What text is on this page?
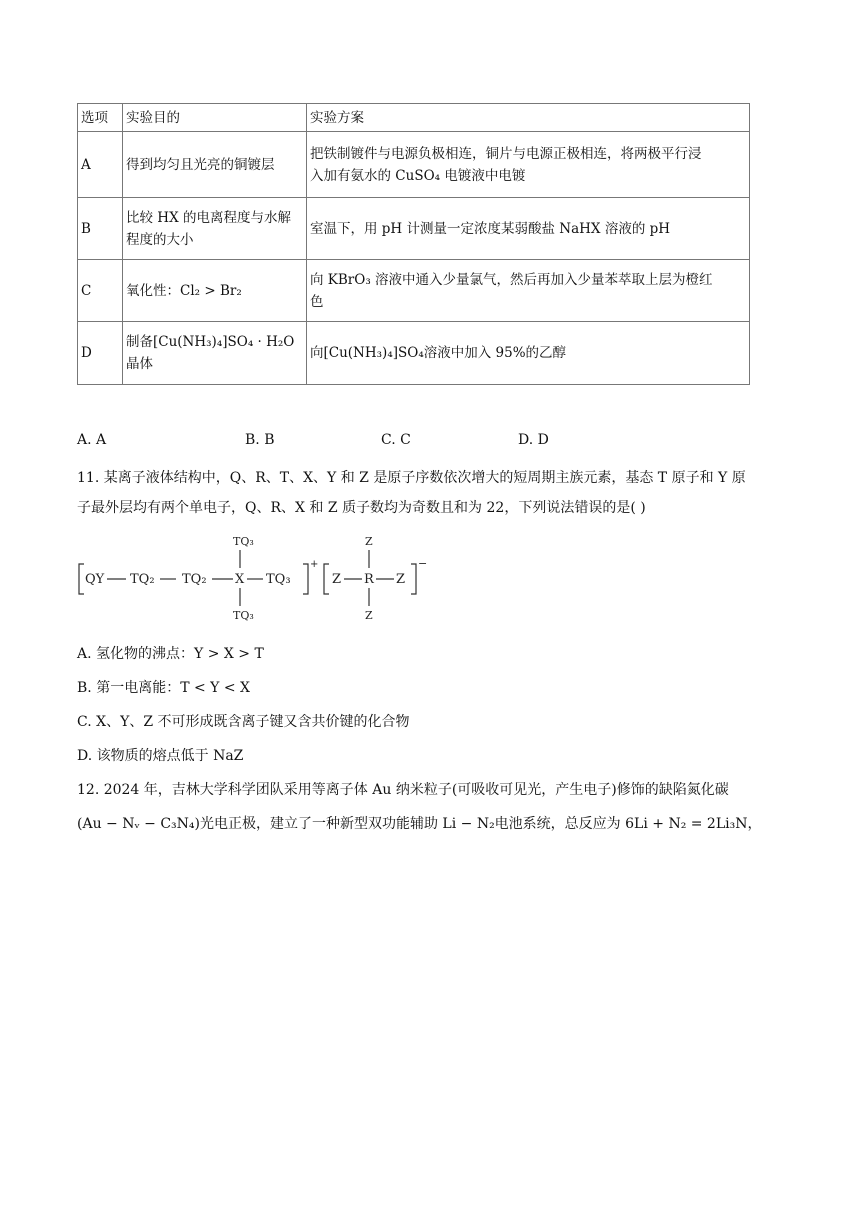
选项	实验目的	实验方案
A	得到均匀且光亮的铜镀层	把铁制镀件与电源负极相连，铜片与电源正极相连，将两极平行浸
入加有氨水的 CuSO₄ 电镀液中电镀

B	比较 HX 的电离程度与水解
程度的大小	室温下，用 pH 计测量一定浓度某弱酸盐 NaHX 溶液的 pH
C	氧化性：Cl₂ > Br₂	向 KBrO₃ 溶液中通入少量氯气，然后再加入少量苯萃取上层为橙红
色

D	制备[Cu(NH₃)₄]SO₄ · H₂O
晶体	向[Cu(NH₃)₄]SO₄溶液中加入 95%的乙醇
A. A	B. B	C. C	D. D
11. 某离子液体结构中，Q、R、T、X、Y 和 Z 是原子序数依次增大的短周期主族元素，基态 T 原子和 Y 原
子最外层均有两个单电子，Q、R、X 和 Z 质子数均为奇数且和为 22，下列说法错误的是( )
QY TQ₂ TQ₂ X TQ₃
TQ₃
TQ₃
+
Z R Z
Z
Z
−
A. 氢化物的沸点：Y > X > T
B. 第一电离能：T < Y < X
C. X、Y、Z 不可形成既含离子键又含共价键的化合物
D. 该物质的熔点低于 NaZ
12. 2024 年，吉林大学科学团队采用等离子体 Au 纳米粒子(可吸收可见光，产生电子)修饰的缺陷氮化碳
(Au − Nᵥ − C₃N₄)光电正极，建立了一种新型双功能辅助 Li − N₂电池系统，总反应为 6Li + N₂ = 2Li₃N，
